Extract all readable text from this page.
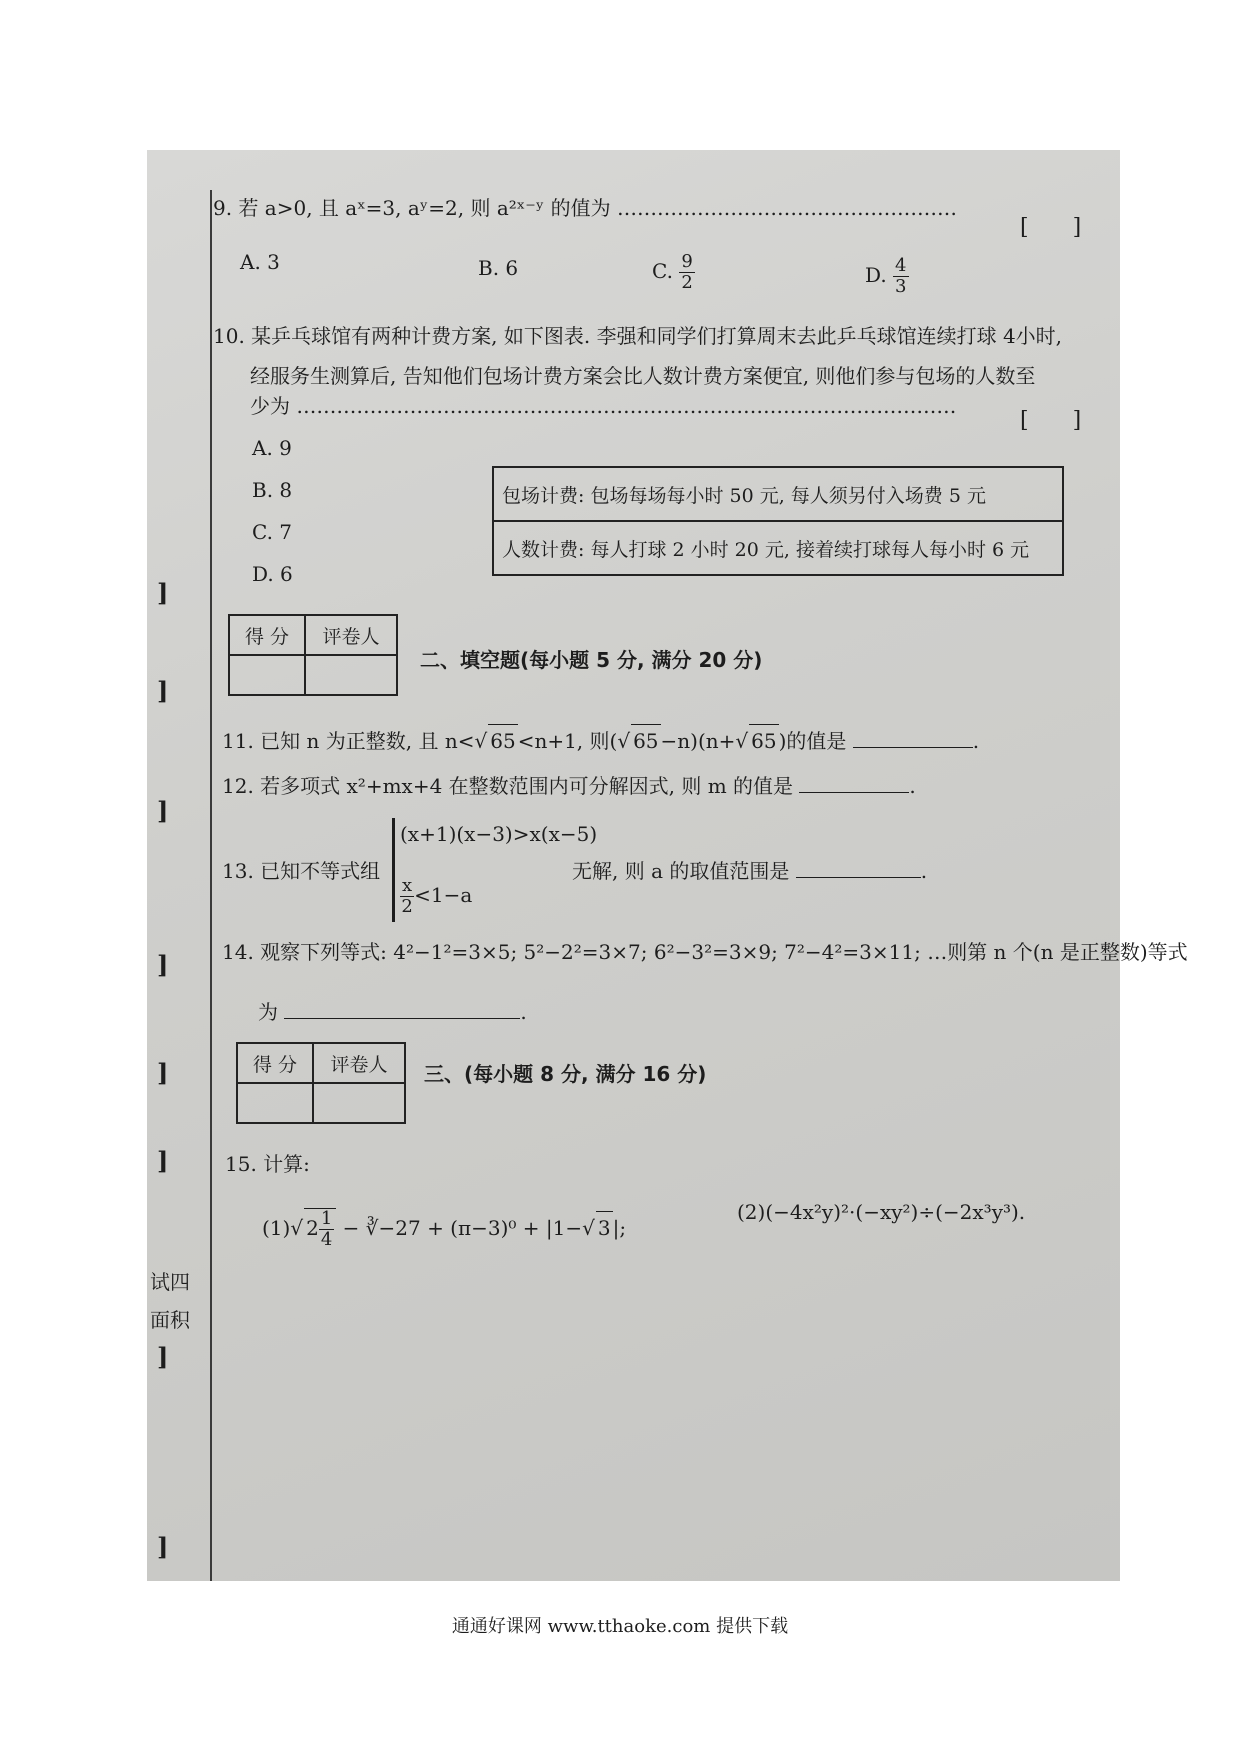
]
]
]
]
]
]
试四
面积
]
]
9. 若 a>0, 且 aˣ=3, aʸ=2, 则 a²ˣ⁻ʸ 的值为 ……………………………………………
[　　]
A. 3	B. 6	C. $\frac{9}{2}$	D. $\frac{4}{3}$
10. 某乒乓球馆有两种计费方案, 如下图表. 李强和同学们打算周末去此乒乓球馆连续打球 4小时,
经服务生测算后, 告知他们包场计费方案会比人数计费方案便宜, 则他们参与包场的人数至
少为 ………………………………………………………………………………………
[　　]
A. 9
B. 8
C. 7
D. 6
包场计费: 包场每场每小时 50 元, 每人须另付入场费 5 元
人数计费: 每人打球 2 小时 20 元, 接着续打球每人每小时 6 元
得 分	评卷人

二、填空题(每小题 5 分, 满分 20 分)
11. 已知 n 为正整数, 且 n<√ 65 <n+1, 则(√ 65 −n)(n+√ 65 )的值是	.
12. 若多项式 x²+mx+4 在整数范围内可分解因式, 则 m 的值是	.
13. 已知不等式组
(x+1)(x−3)>x(x−5)
$\frac{x}{2} <1-a$
无解, 则 a 的取值范围是	.
14. 观察下列等式: 4²−1²=3×5; 5²−2²=3×7; 6²−3²=3×9; 7²−4²=3×11; …则第 n 个(n 是正整数)等式
为	.
得 分	评卷人
	三、(每小题 8 分, 满分 16 分)
15. 计算:
(1)√ $2 \frac{1}{4}$ − ∛−27 + (π−3)⁰ + |1−√ 3 |;
(2)(−4x²y)²·(−xy²)÷(−2x³y³).
通通好课网 www.tthaoke.com 提供下载
